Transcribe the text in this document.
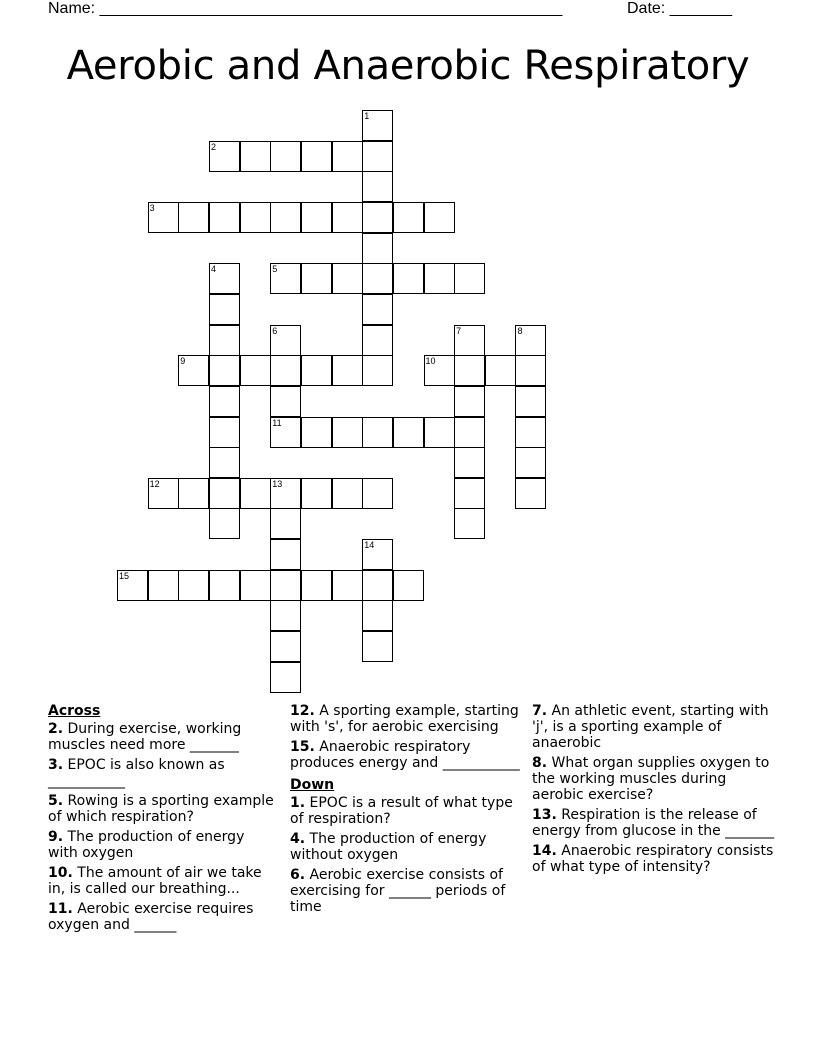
Name: ____________________________________________________	Date: _______
Aerobic and Anaerobic Respiratory
1
2
3
4	5
6
11
7	8
9	10
12	13
14
15
Across
2. During exercise, working muscles need more _______
3. EPOC is also known as ___________
5. Rowing is a sporting example of which respiration?
9. The production of energy with oxygen
10. The amount of air we take in, is called our breathing...
11. Aerobic exercise requires oxygen and ______
12. A sporting example, starting with 's', for aerobic exercising
15. Anaerobic respiratory produces energy and ___________
Down
1. EPOC is a result of what type of respiration?
4. The production of energy without oxygen
6. Aerobic exercise consists of exercising for ______ periods of time
7. An athletic event, starting with 'j', is a sporting example of anaerobic
8. What organ supplies oxygen to the working muscles during aerobic exercise?
13. Respiration is the release of energy from glucose in the _______
14. Anaerobic respiratory consists of what type of intensity?
